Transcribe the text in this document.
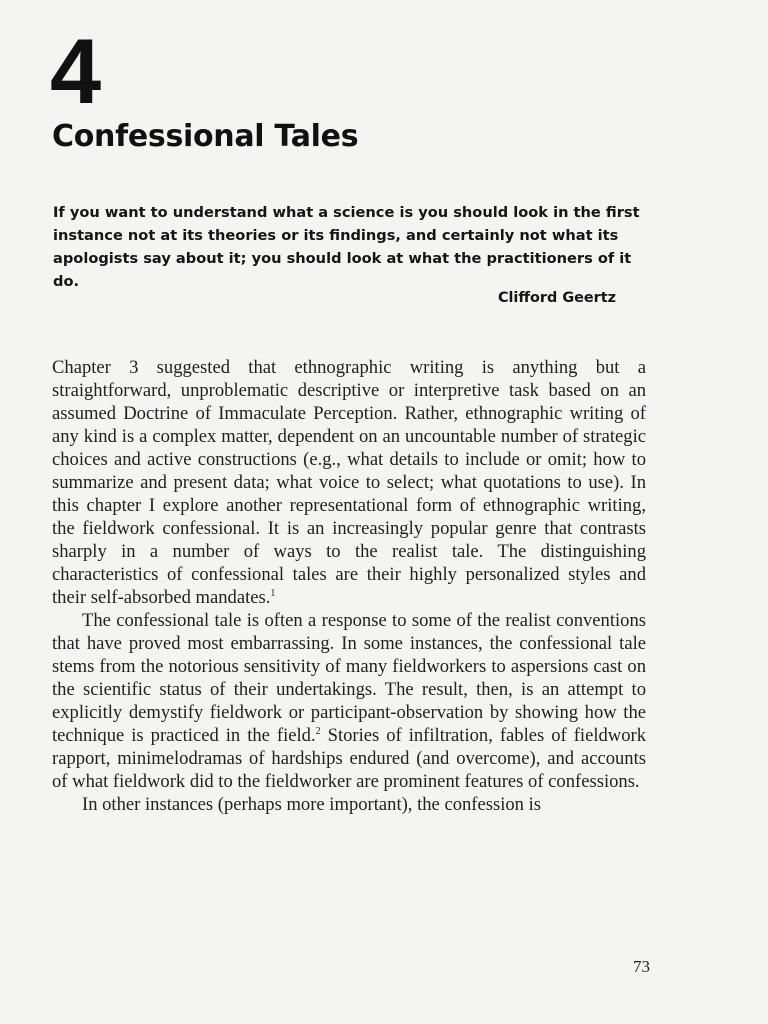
4
Confessional Tales
If you want to understand what a science is you should look in the first instance not at its theories or its findings, and certainly not what its apologists say about it; you should look at what the practitioners of it do.
Clifford Geertz

Chapter 3 suggested that ethnographic writing is anything but a straightforward, unproblematic descriptive or interpretive task based on an assumed Doctrine of Immaculate Perception. Rather, ethnographic writing of any kind is a complex matter, dependent on an uncountable number of strategic choices and active constructions (e.g., what details to include or omit; how to summarize and present data; what voice to select; what quotations to use). In this chapter I explore another representational form of ethnographic writing, the fieldwork confessional. It is an increasingly popular genre that contrasts sharply in a number of ways to the realist tale. The distinguishing characteristics of confessional tales are their highly personalized styles and their self-absorbed mandates.$^1$

The confessional tale is often a response to some of the realist conventions that have proved most embarrassing. In some instances, the confessional tale stems from the notorious sensitivity of many fieldworkers to aspersions cast on the scientific status of their undertakings. The result, then, is an attempt to explicitly demystify fieldwork or participant-observation by showing how the technique is practiced in the field.$^2$ Stories of infiltration, fables of fieldwork rapport, minimelodramas of hardships endured (and overcome), and accounts of what fieldwork did to the fieldworker are prominent features of confessions.

In other instances (perhaps more important), the confession is

73
